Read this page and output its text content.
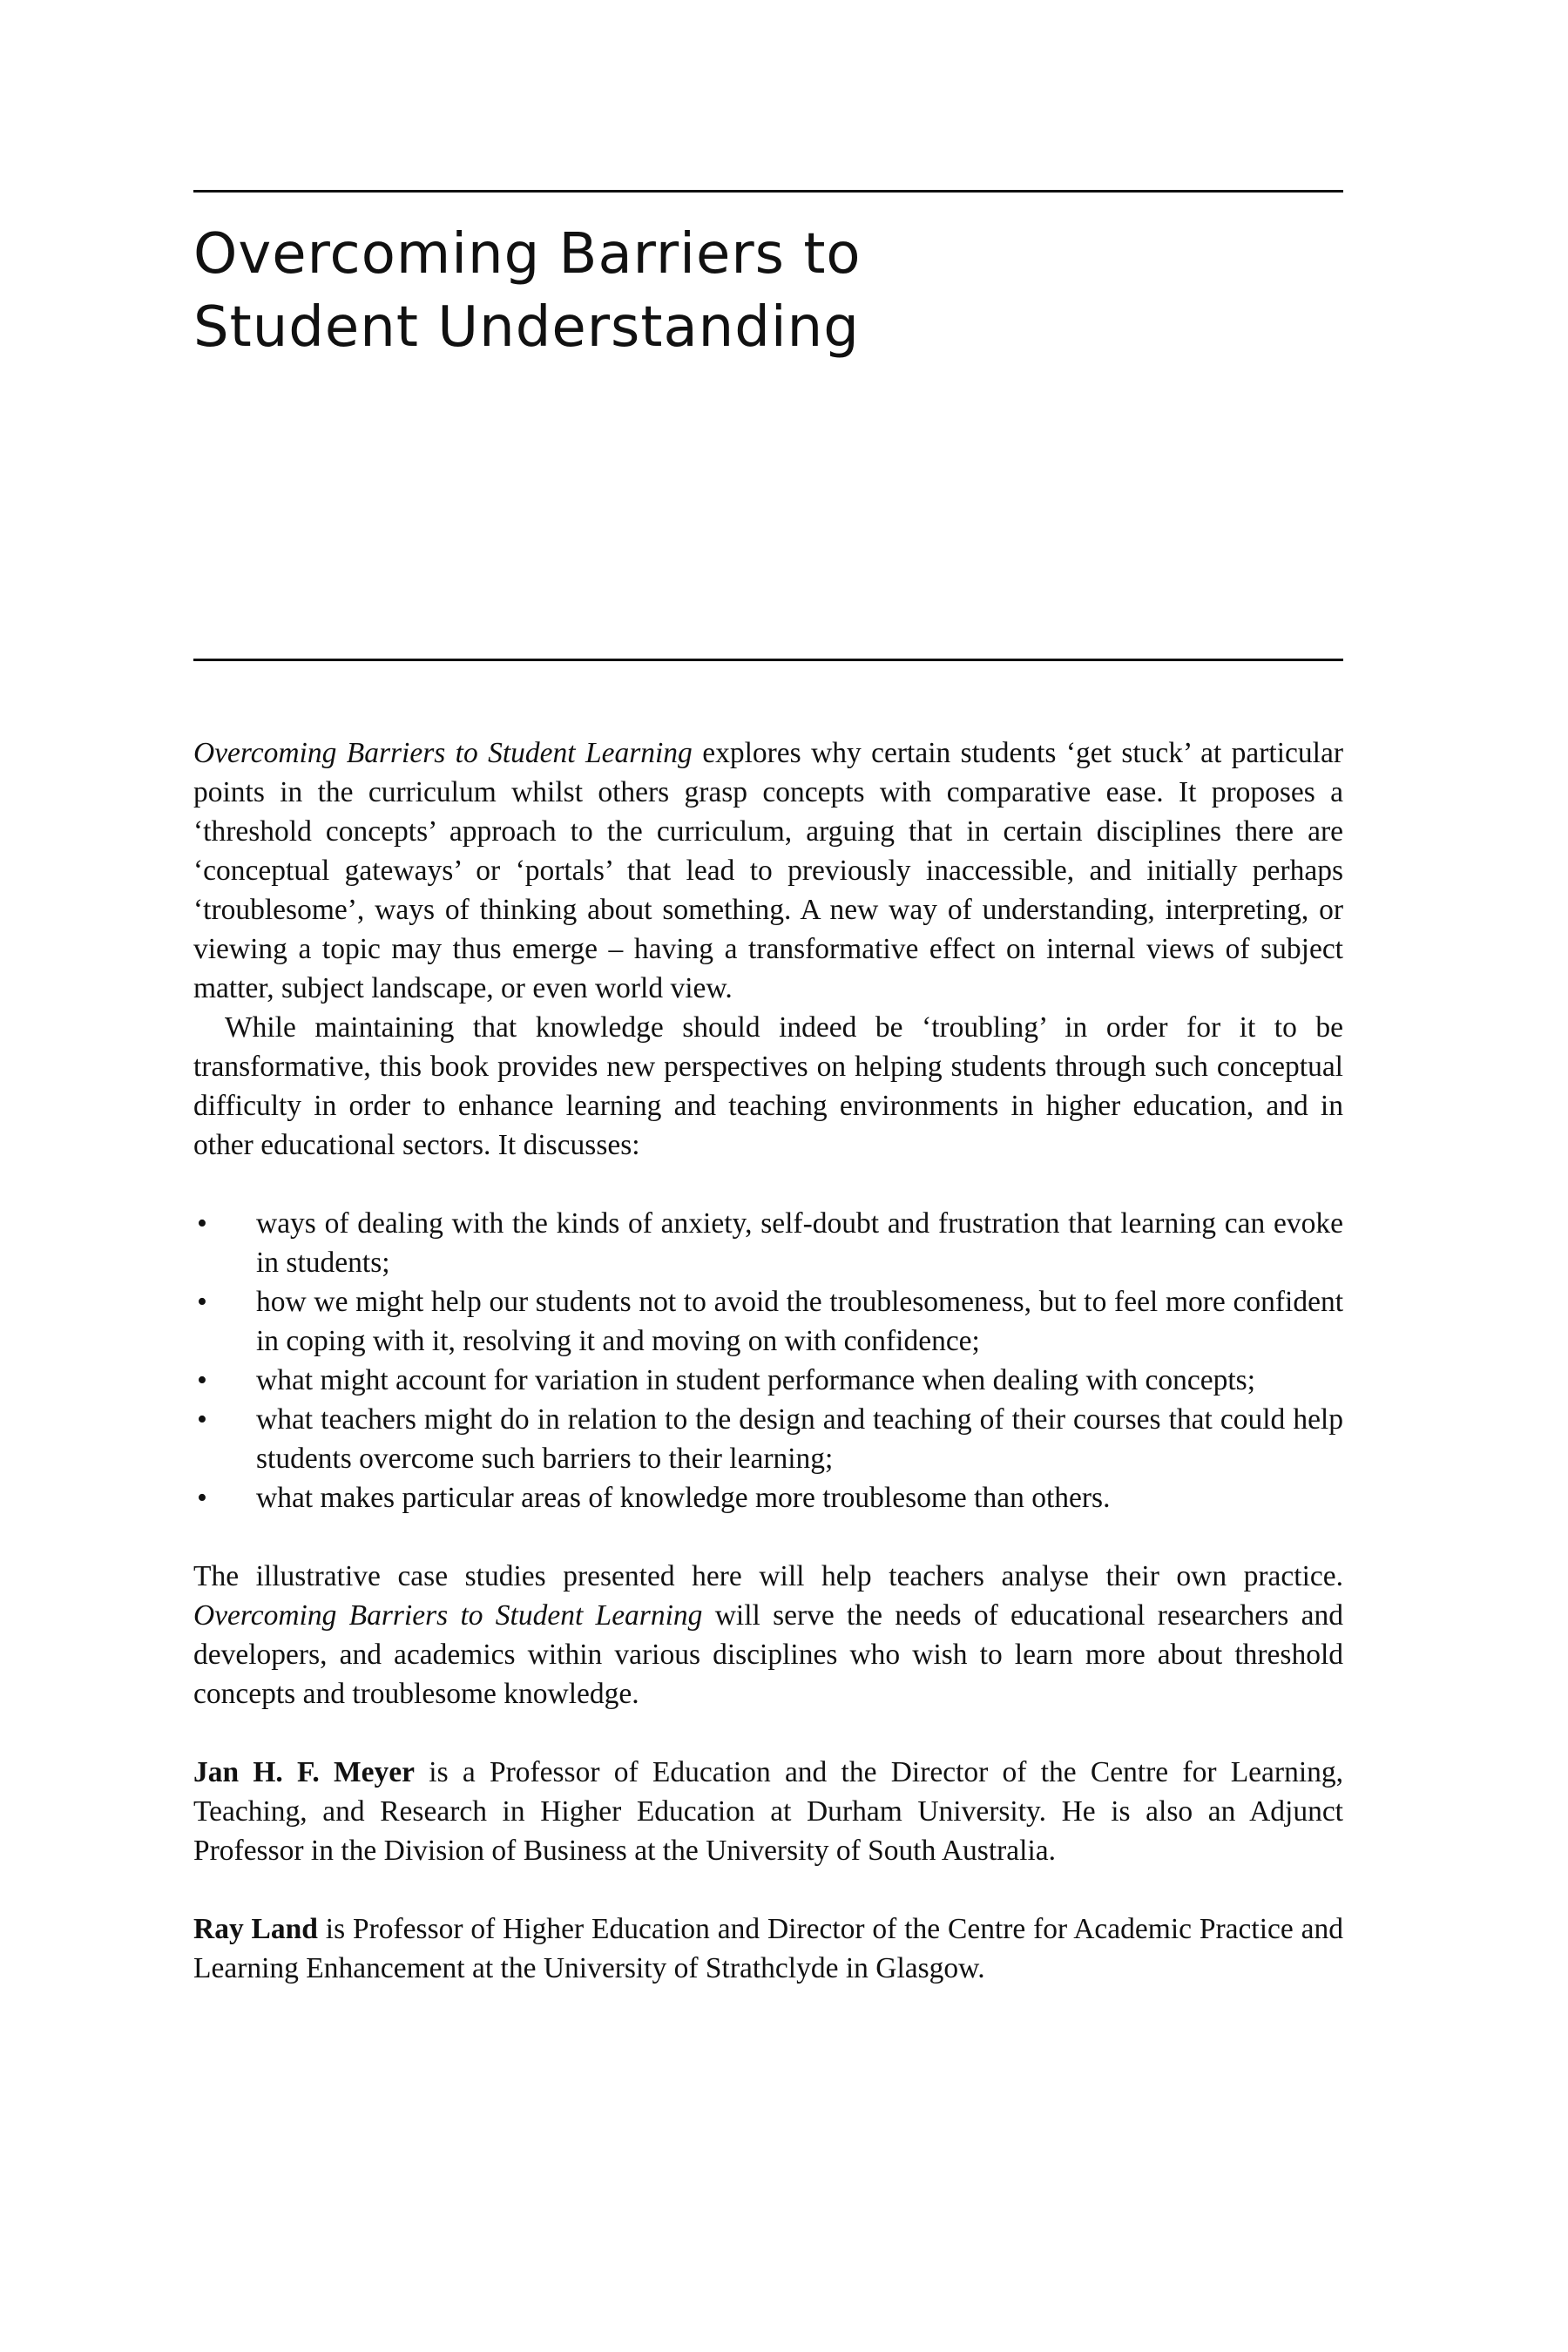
Overcoming Barriers to
Student Understanding

Overcoming Barriers to Student Learning explores why certain students ‘get stuck’ at particular points in the curriculum whilst others grasp concepts with comparative ease. It proposes a ‘threshold concepts’ approach to the curriculum, arguing that in certain disciplines there are ‘conceptual gateways’ or ‘portals’ that lead to previously inaccessible, and initially perhaps ‘troublesome’, ways of thinking about something. A new way of understanding, interpreting, or viewing a topic may thus emerge – having a transformative effect on internal views of subject matter, subject landscape, or even world view.

While maintaining that knowledge should indeed be ‘troubling’ in order for it to be transformative, this book provides new perspectives on helping students through such conceptual difficulty in order to enhance learning and teaching environments in higher education, and in other educational sectors. It discusses:

• ways of dealing with the kinds of anxiety, self-doubt and frustration that learning can evoke in students;
• how we might help our students not to avoid the troublesomeness, but to feel more confident in coping with it, resolving it and moving on with confidence;
• what might account for variation in student performance when dealing with concepts;
• what teachers might do in relation to the design and teaching of their courses that could help students overcome such barriers to their learning;
• what makes particular areas of knowledge more troublesome than others.

The illustrative case studies presented here will help teachers analyse their own practice. Overcoming Barriers to Student Learning will serve the needs of educational researchers and developers, and academics within various disciplines who wish to learn more about threshold concepts and troublesome knowledge.

Jan H. F. Meyer is a Professor of Education and the Director of the Centre for Learning, Teaching, and Research in Higher Education at Durham University. He is also an Adjunct Professor in the Division of Business at the University of South Australia.

Ray Land is Professor of Higher Education and Director of the Centre for Academic Practice and Learning Enhancement at the University of Strathclyde in Glasgow.
